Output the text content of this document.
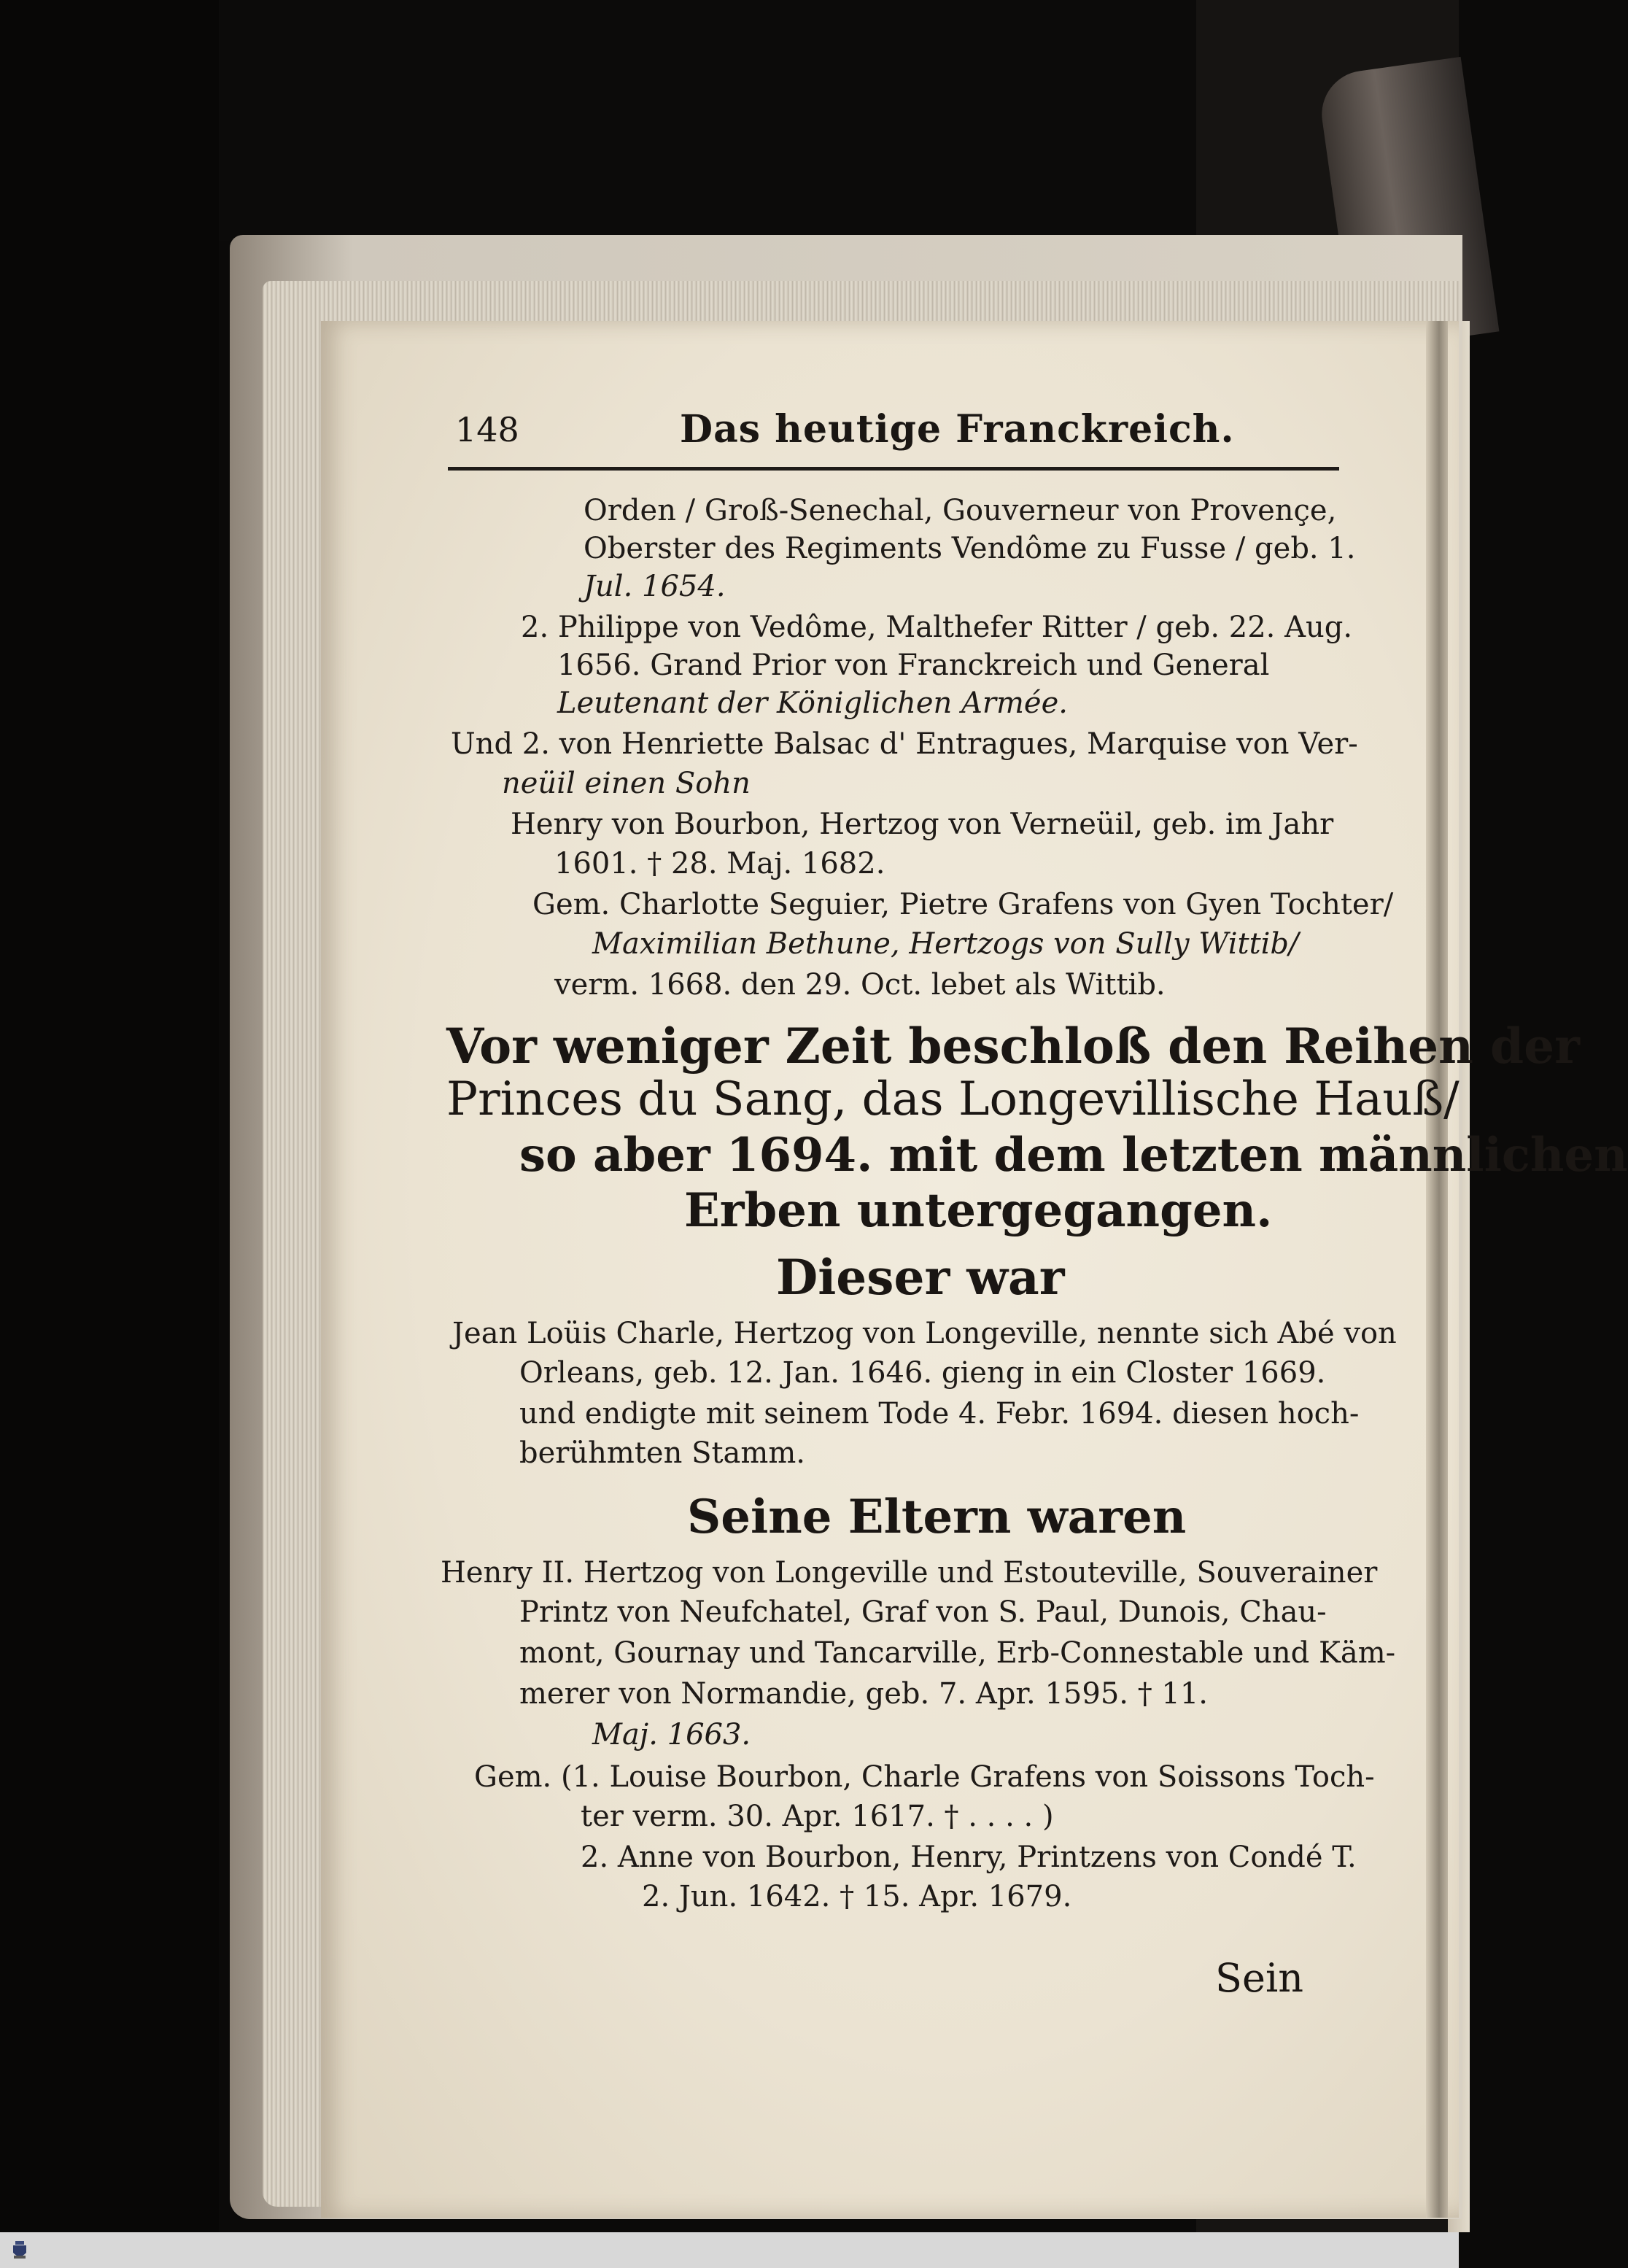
148	Das heutige Franckreich.
Orden / Groß-Senechal, Gouverneur von Provençe,
Oberster des Regiments Vendôme zu Fusse / geb. 1.
Jul. 1654.
2. Philippe von Vedôme, Malthefer Ritter / geb. 22. Aug.
1656. Grand Prior von Franckreich und General
Leutenant der Königlichen Armée.
Und 2. von Henriette Balsac d' Entragues, Marquise von Ver-
neüil einen Sohn
Henry von Bourbon, Hertzog von Verneüil, geb. im Jahr
1601. † 28. Maj. 1682.
Gem. Charlotte Seguier, Pietre Grafens von Gyen Tochter/
Maximilian Bethune, Hertzogs von Sully Wittib/
verm. 1668. den 29. Oct. lebet als Wittib.
Vor weniger Zeit beschloß den Reihen der
Princes du Sang, das Longevillische Hauß/
so aber 1694. mit dem letzten männlichen
Erben untergegangen.
Dieser war
Jean Loüis Charle, Hertzog von Longeville, nennte sich Abé von
Orleans, geb. 12. Jan. 1646. gieng in ein Closter 1669.
und endigte mit seinem Tode 4. Febr. 1694. diesen hoch-
berühmten Stamm.
Seine Eltern waren
Henry II. Hertzog von Longeville und Estouteville, Souverainer
Printz von Neufchatel, Graf von S. Paul, Dunois, Chau-
mont, Gournay und Tancarville, Erb-Connestable und Käm-
merer von Normandie, geb. 7. Apr. 1595. † 11.
Maj. 1663.
Gem. (1. Louise Bourbon, Charle Grafens von Soissons Toch-
ter verm. 30. Apr. 1617. † . . . . )
2. Anne von Bourbon, Henry, Printzens von Condé T.
2. Jun. 1642. † 15. Apr. 1679.
Sein
